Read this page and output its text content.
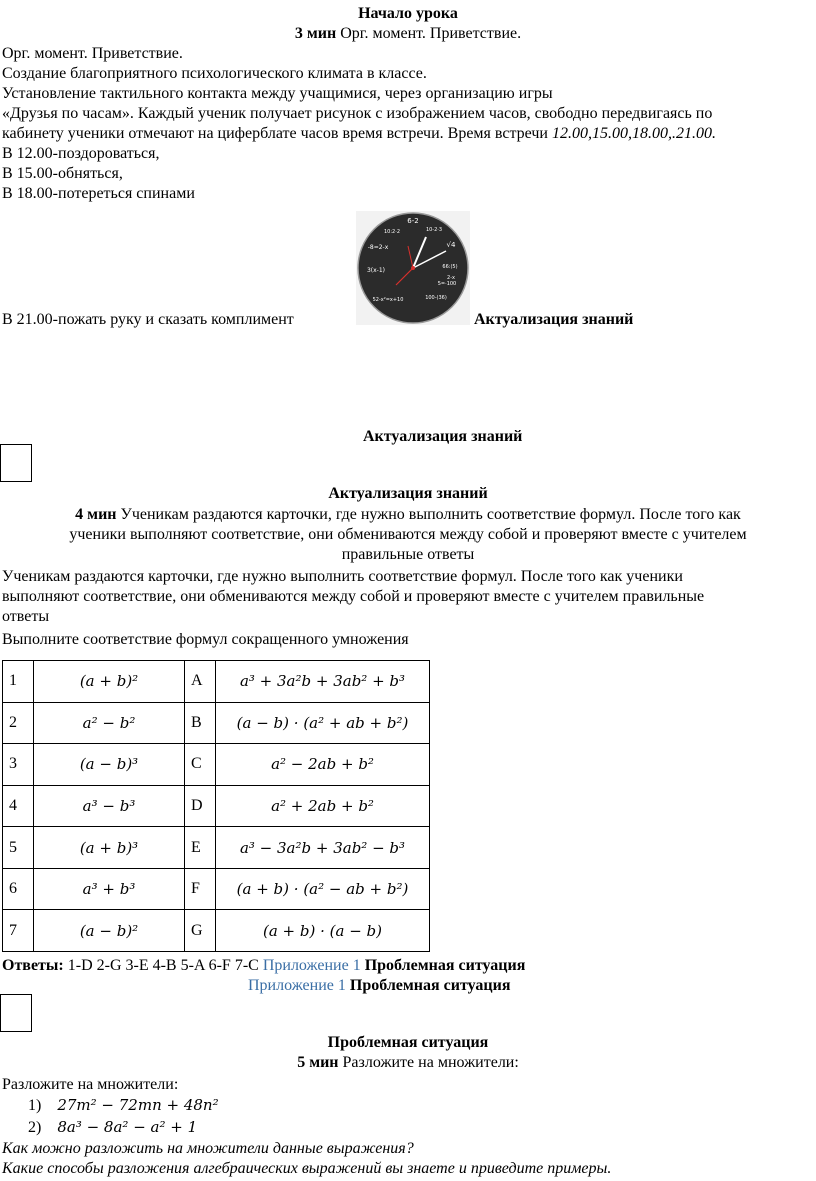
Начало урока
3 мин Орг. момент. Приветствие.
Орг. момент. Приветствие.
Создание благоприятного психологического климата в классе.
Установление тактильного контакта между учащимися, через организацию игры
«Друзья по часам». Каждый ученик получает рисунок с изображением часов, свободно передвигаясь по
кабинету ученики отмечают на циферблате часов время встречи. Время встречи 12.00,15.00,18.00,.21.00.
В 12.00-поздороваться,
В 15.00-обняться,
В 18.00-потереться спинами
6-2
10-2·3
10:2·2
√4
-8=2-x
66:(5)
3(x-1)
5=·100
52-x²=x+10	100-(36)
2-x
В 21.00-пожать руку и сказать комплимент	Актуализация знаний
Актуализация знаний
Актуализация знаний
4 мин Ученикам раздаются карточки, где нужно выполнить соответствие формул. После того как
ученики выполняют соответствие, они обмениваются между собой и проверяют вместе с учителем
правильные ответы
Ученикам раздаются карточки, где нужно выполнить соответствие формул. После того как ученики
выполняют соответствие, они обмениваются между собой и проверяют вместе с учителем правильные
ответы
Выполните соответствие формул сокращенного умножения
1	(a + b)²	A	a³ + 3a²b + 3ab² + b³
2	a² − b²	B	(a − b) · (a² + ab + b²)
3	(a − b)³	C	a² − 2ab + b²
4	a³ − b³	D	a² + 2ab + b²
5	(a + b)³	E	a³ − 3a²b + 3ab² − b³
6	a³ + b³	F	(a + b) · (a² − ab + b²)
7	(a − b)²	G	(a + b) · (a − b)
Ответы: 1-D 2-G 3-E 4-B 5-A 6-F 7-C Приложение 1 Проблемная ситуация
Приложение 1 Проблемная ситуация
Проблемная ситуация
5 мин Разложите на множители:
Разложите на множители:
1) 27m² − 72mn + 48n²
2) 8a³ − 8a² − a² + 1
Как можно разложить на множители данные выражения?
Какие способы разложения алгебраических выражений вы знаете и приведите примеры.
